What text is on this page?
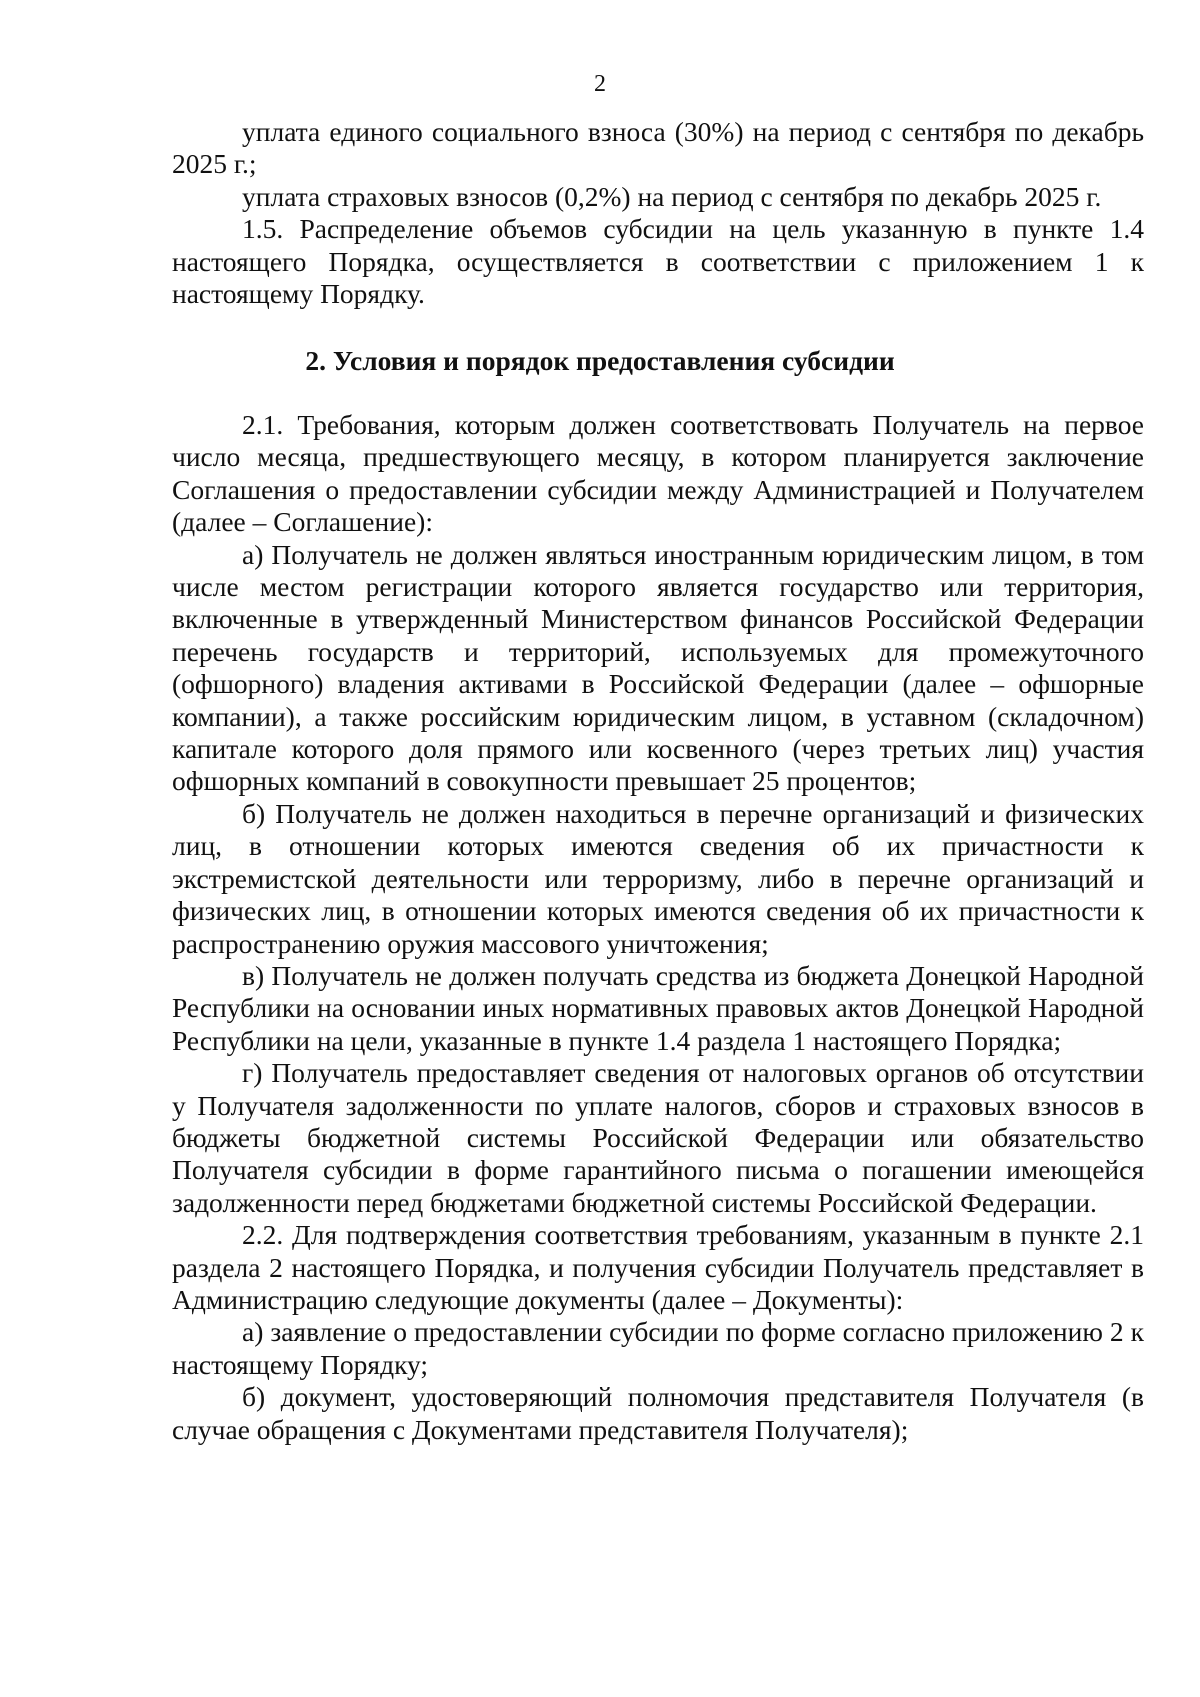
2

уплата единого социального взноса (30%) на период с сентября по декабрь 2025 г.;

уплата страховых взносов (0,2%) на период с сентября по декабрь 2025 г.

1.5. Распределение объемов субсидии на цель указанную в пункте 1.4 настоящего Порядка, осуществляется в соответствии с приложением 1 к настоящему Порядку.

2. Условия и порядок предоставления субсидии

2.1. Требования, которым должен соответствовать Получатель на первое число месяца, предшествующего месяцу, в котором планируется заключение Соглашения о предоставлении субсидии между Администрацией и Получателем (далее – Соглашение):

а) Получатель не должен являться иностранным юридическим лицом, в том числе местом регистрации которого является государство или территория, включенные в утвержденный Министерством финансов Российской Федерации перечень государств и территорий, используемых для промежуточного (офшорного) владения активами в Российской Федерации (далее – офшорные компании), а также российским юридическим лицом, в уставном (складочном) капитале которого доля прямого или косвенного (через третьих лиц) участия офшорных компаний в совокупности превышает 25 процентов;

б) Получатель не должен находиться в перечне организаций и физических лиц, в отношении которых имеются сведения об их причастности к экстремистской деятельности или терроризму, либо в перечне организаций и физических лиц, в отношении которых имеются сведения об их причастности к распространению оружия массового уничтожения;

в) Получатель не должен получать средства из бюджета Донецкой Народной Республики на основании иных нормативных правовых актов Донецкой Народной Республики на цели, указанные в пункте 1.4 раздела 1 настоящего Порядка;

г) Получатель предоставляет сведения от налоговых органов об отсутствии у Получателя задолженности по уплате налогов, сборов и страховых взносов в бюджеты бюджетной системы Российской Федерации или обязательство Получателя субсидии в форме гарантийного письма о погашении имеющейся задолженности перед бюджетами бюджетной системы Российской Федерации.

2.2. Для подтверждения соответствия требованиям, указанным в пункте 2.1 раздела 2 настоящего Порядка, и получения субсидии Получатель представляет в Администрацию следующие документы (далее – Документы):

а) заявление о предоставлении субсидии по форме согласно приложению 2 к настоящему Порядку;

б) документ, удостоверяющий полномочия представителя Получателя (в случае обращения с Документами представителя Получателя);
